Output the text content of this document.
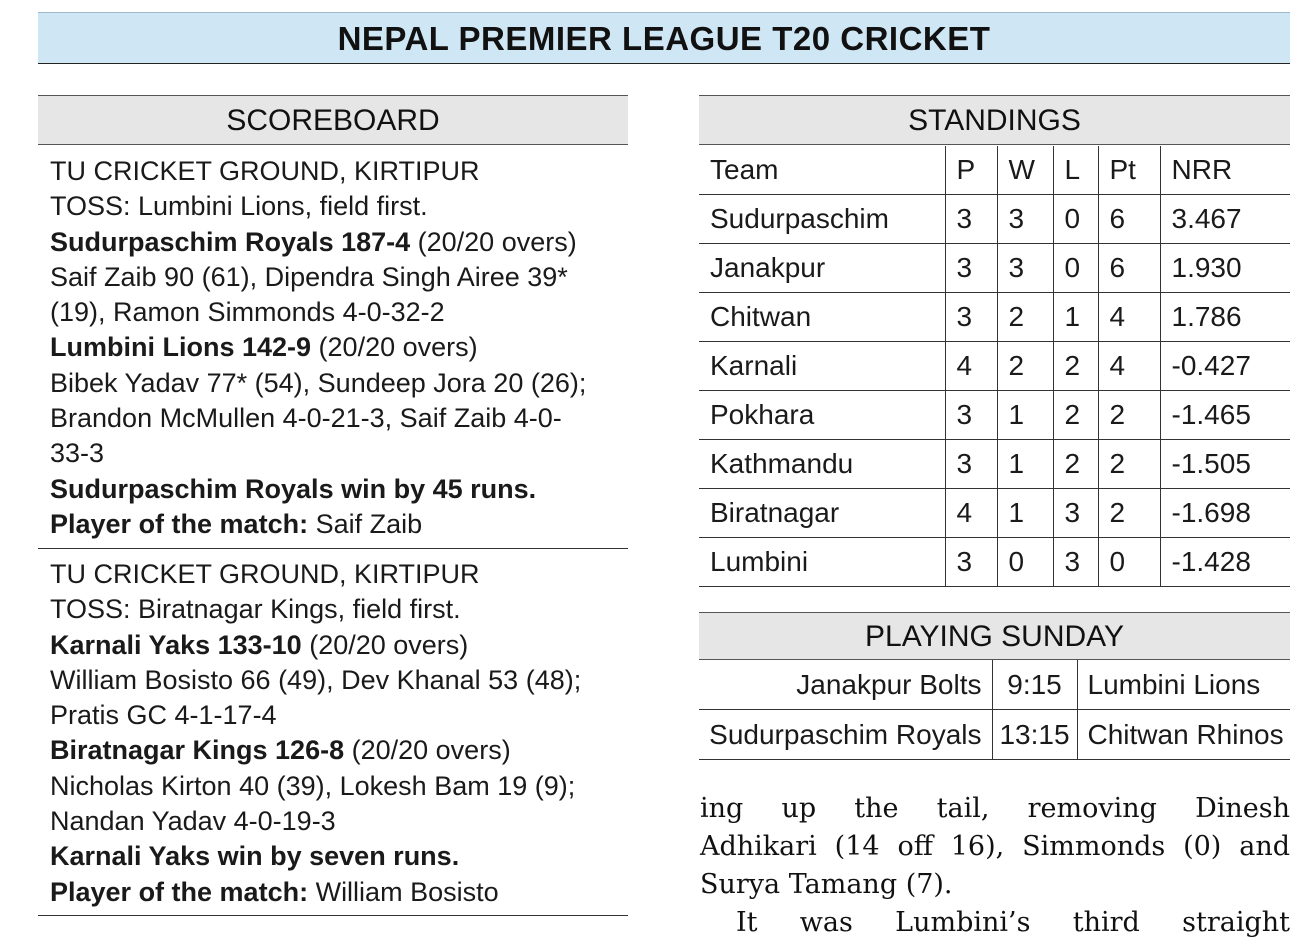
NEPAL PREMIER LEAGUE T20 CRICKET
SCOREBOARD
TU CRICKET GROUND, KIRTIPUR
TOSS: Lumbini Lions, field first.
Sudurpaschim Royals 187-4 (20/20 overs)
Saif Zaib 90 (61), Dipendra Singh Airee 39*
(19), Ramon Simmonds 4-0-32-2
Lumbini Lions 142-9 (20/20 overs)
Bibek Yadav 77* (54), Sundeep Jora 20 (26);
Brandon McMullen 4-0-21-3, Saif Zaib 4-0-
33-3
Sudurpaschim Royals win by 45 runs.
Player of the match: Saif Zaib
TU CRICKET GROUND, KIRTIPUR
TOSS: Biratnagar Kings, field first.
Karnali Yaks 133-10 (20/20 overs)
William Bosisto 66 (49), Dev Khanal 53 (48);
Pratis GC 4-1-17-4
Biratnagar Kings 126-8 (20/20 overs)
Nicholas Kirton 40 (39), Lokesh Bam 19 (9);
Nandan Yadav 4-0-19-3
Karnali Yaks win by seven runs.
Player of the match: William Bosisto
STANDINGS
Team	P	W	L	Pt	NRR
Sudurpaschim	3	3	0	6	3.467
Janakpur	3	3	0	6	1.930
Chitwan	3	2	1	4	1.786
Karnali	4	2	2	4	-0.427
Pokhara	3	1	2	2	-1.465
Kathmandu	3	1	2	2	-1.505
Biratnagar	4	1	3	2	-1.698
Lumbini	3	0	3	0	-1.428
PLAYING SUNDAY
Janakpur Bolts	9:15	Lumbini Lions
Sudurpaschim Royals	13:15	Chitwan Rhinos
ing up the tail, removing Dinesh
Adhikari (14 off 16), Simmonds (0) and
Surya Tamang (7).
It was Lumbini’s third straight
